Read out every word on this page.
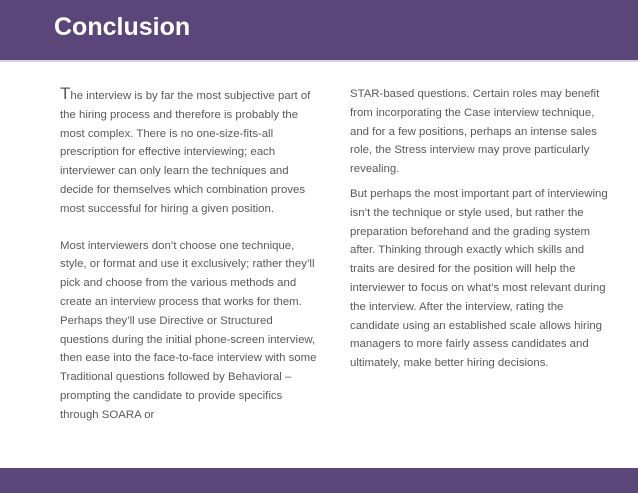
Conclusion

The interview is by far the most subjective part of the hiring process and therefore is probably the most complex. There is no one-size-fits-all prescription for effective interviewing; each interviewer can only learn the techniques and decide for themselves which combination proves most successful for hiring a given position.

Most interviewers don’t choose one technique, style, or format and use it exclusively; rather they’ll pick and choose from the various methods and create an interview process that works for them. Perhaps they’ll use Directive or Structured questions during the initial phone-screen interview, then ease into the face-to-face interview with some Traditional questions followed by Behavioral – prompting the candidate to provide specifics through SOARA or

STAR-based questions. Certain roles may benefit from incorporating the Case interview technique, and for a few positions, perhaps an intense sales role, the Stress interview may prove particularly revealing.

But perhaps the most important part of interviewing isn’t the technique or style used, but rather the preparation beforehand and the grading system after. Thinking through exactly which skills and traits are desired for the position will help the interviewer to focus on what’s most relevant during the interview. After the interview, rating the candidate using an established scale allows hiring managers to more fairly assess candidates and ultimately, make better hiring decisions.
